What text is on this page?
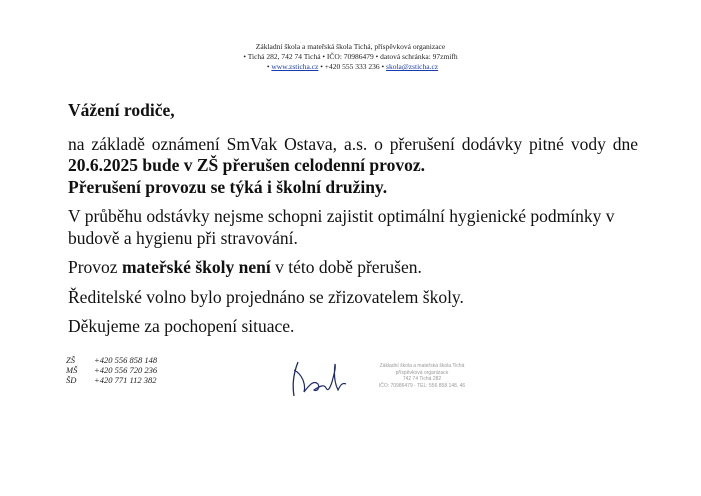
Základní škola a mateřská škola Tichá, příspěvková organizace
• Tichá 282, 742 74 Tichá • IČO: 70986479 • datová schránka: 97zmifh
• www.zsticha.cz • +420 555 333 236 • skola@zsticha.cz

Vážení rodiče,

na základě oznámení SmVak Ostava, a.s. o přerušení dodávky pitné vody dne 20.6.2025 bude v ZŠ přerušen celodenní provoz.
Přerušení provozu se týká i školní družiny.

V průběhu odstávky nejsme schopni zajistit optimální hygienické podmínky v budově a hygienu při stravování.

Provoz mateřské školy není v této době přerušen.

Ředitelské volno bylo projednáno se zřizovatelem školy.

Děkujeme za pochopení situace.

ZŠ +420 556 858 148
MŠ +420 556 720 236
ŠD +420 771 112 382
Základní škola a mateřská škola Tichá
příspěvková organizace
742 74 Tichá 282
IČO: 70986479 · TEL: 556 858 148, 46
